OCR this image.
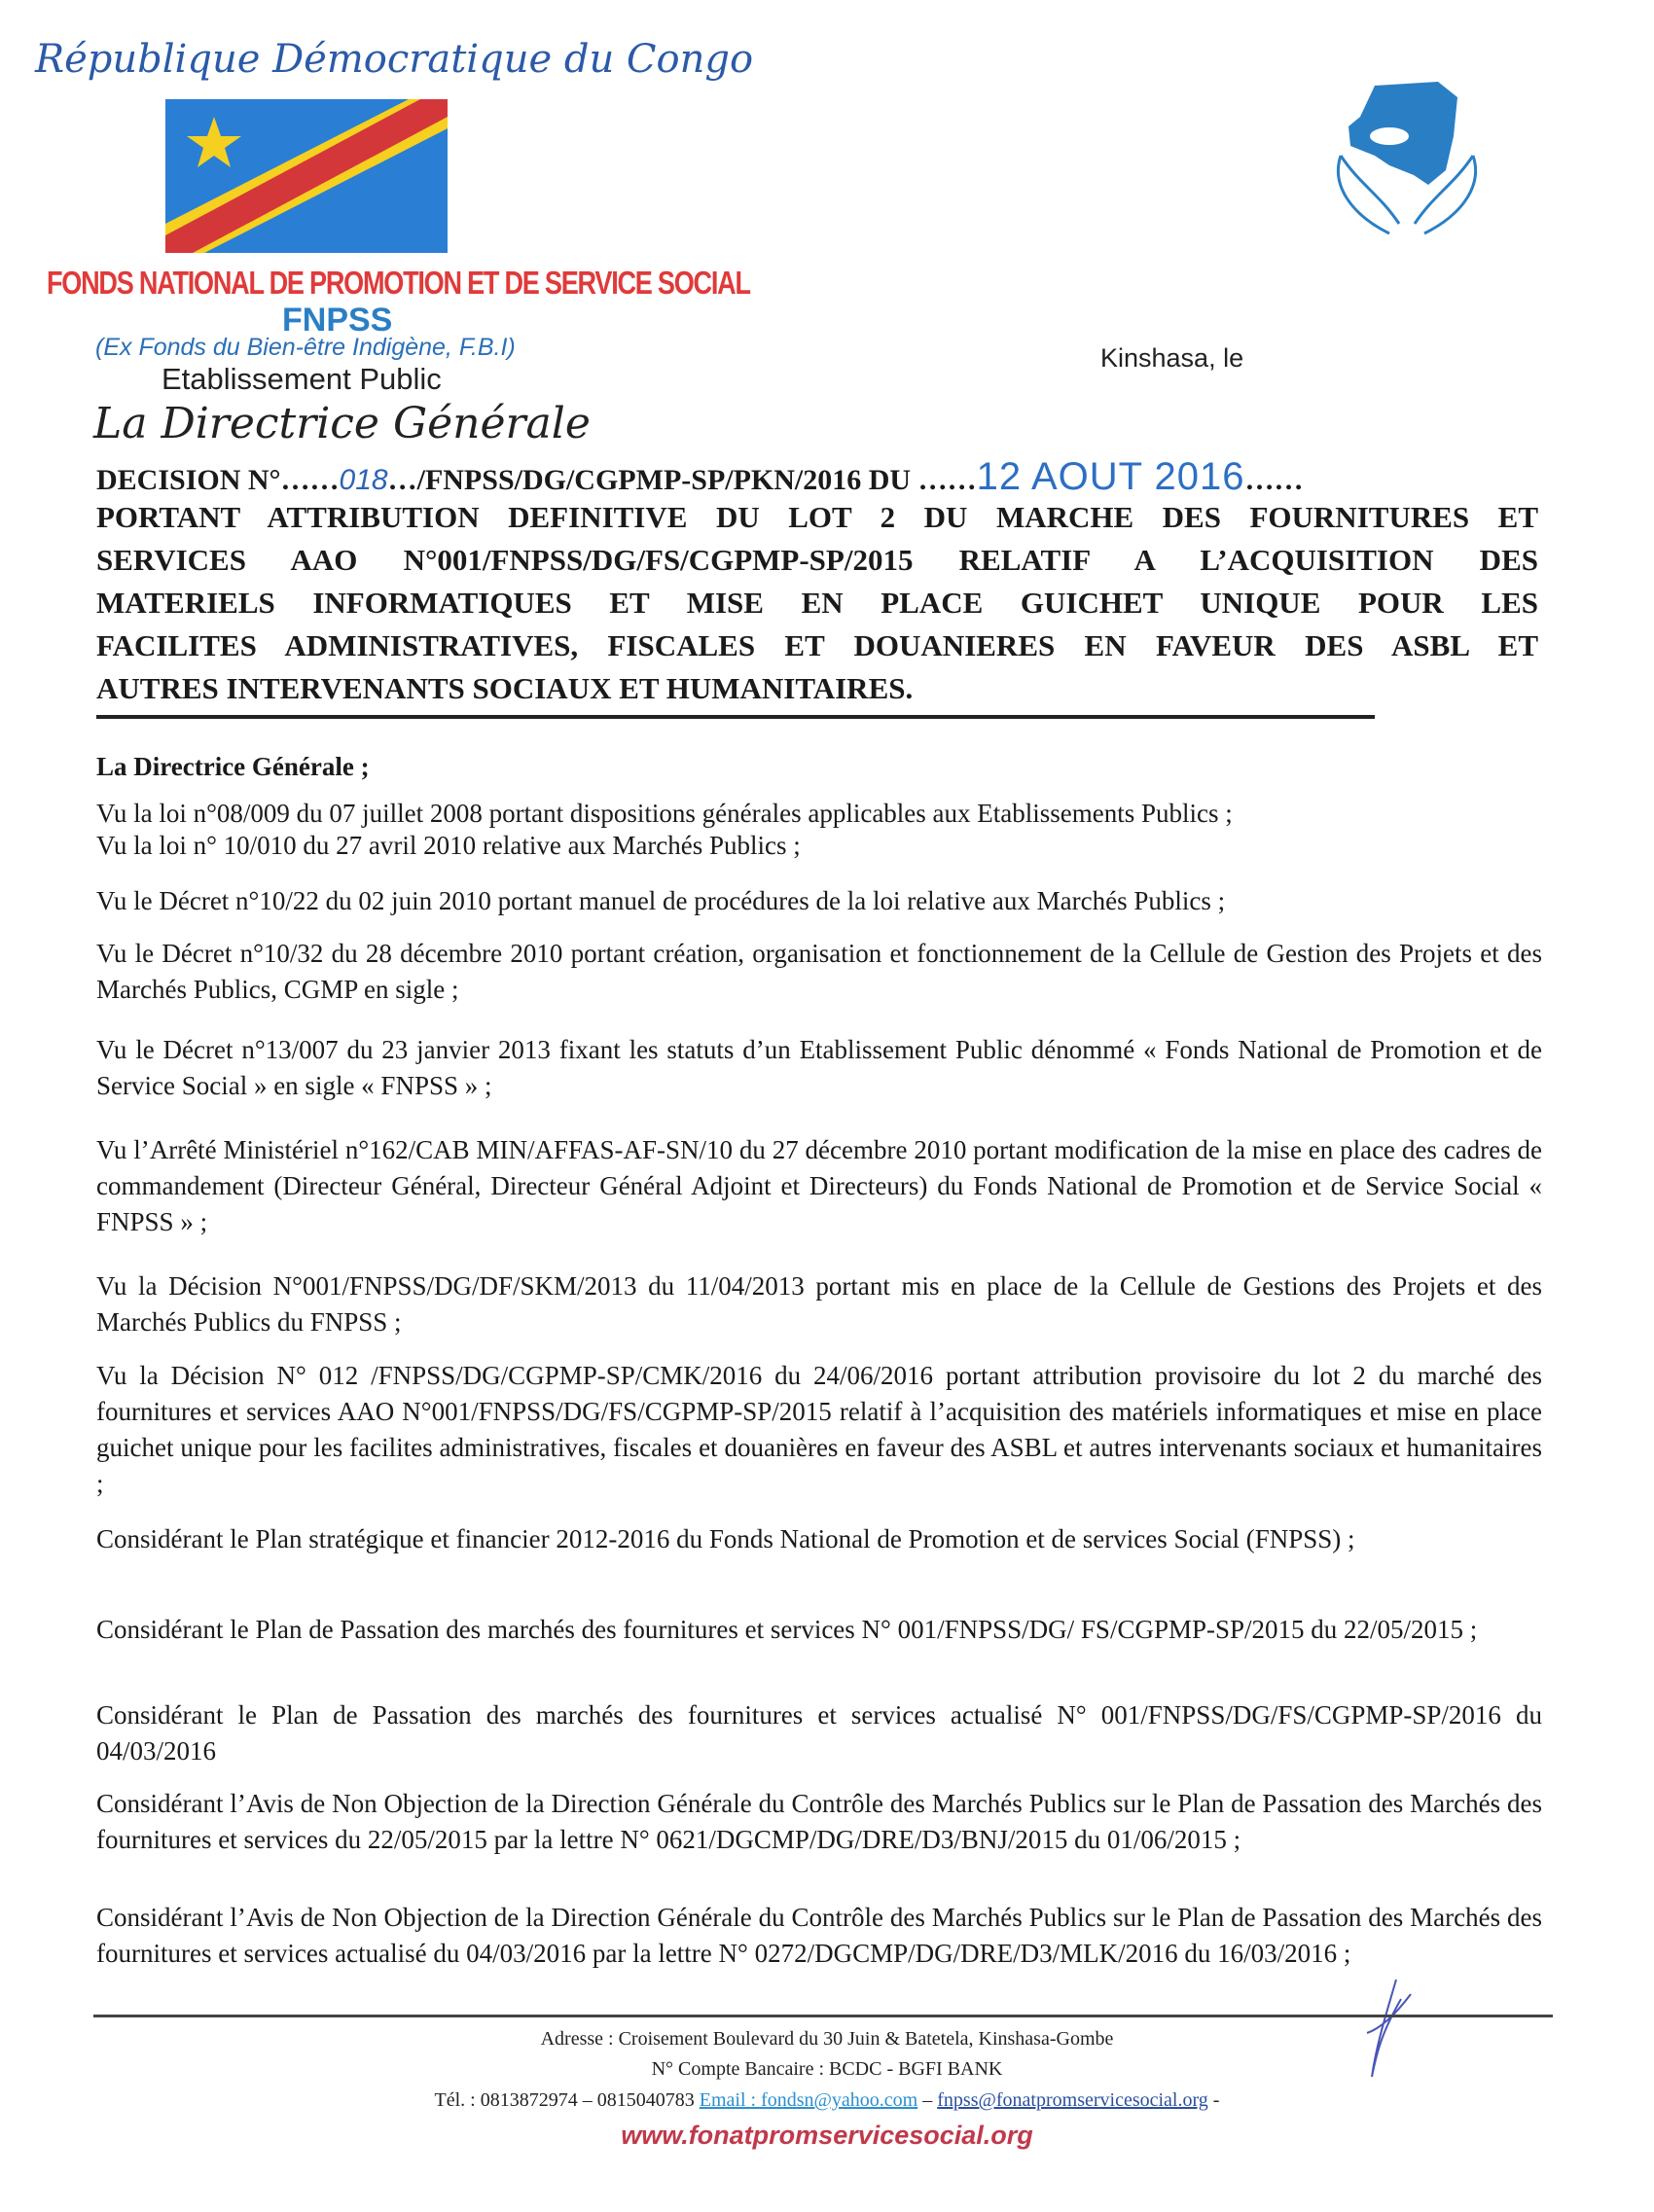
République Démocratique du Congo
FONDS NATIONAL DE PROMOTION ET DE SERVICE SOCIAL
FNPSS
(Ex Fonds du Bien-être Indigène, F.B.I)
Etablissement Public
Kinshasa, le
La Directrice Générale
DECISION N°……018…/FNPSS/DG/CGPMP-SP/PKN/2016 DU ……12 AOUT 2016……
PORTANT ATTRIBUTION DEFINITIVE DU LOT 2 DU MARCHE DES FOURNITURES ET
SERVICES AAO N°001/FNPSS/DG/FS/CGPMP-SP/2015 RELATIF A L’ACQUISITION DES
MATERIELS INFORMATIQUES ET MISE EN PLACE GUICHET UNIQUE POUR LES
FACILITES ADMINISTRATIVES, FISCALES ET DOUANIERES EN FAVEUR DES ASBL ET
AUTRES INTERVENANTS SOCIAUX ET HUMANITAIRES.
La Directrice Générale ;
Vu la loi n°08/009 du 07 juillet 2008 portant dispositions générales applicables aux Etablissements Publics ;
Vu la loi n° 10/010 du 27 avril 2010 relative aux Marchés Publics ;
Vu le Décret n°10/22 du 02 juin 2010 portant manuel de procédures de la loi relative aux Marchés Publics ;
Vu le Décret n°10/32 du 28 décembre 2010 portant création, organisation et fonctionnement de la Cellule de Gestion des Projets et des Marchés Publics, CGMP en sigle ;
Vu le Décret n°13/007 du 23 janvier 2013 fixant les statuts d’un Etablissement Public dénommé « Fonds National de Promotion et de Service Social » en sigle « FNPSS » ;
Vu l’Arrêté Ministériel n°162/CAB MIN/AFFAS-AF-SN/10 du 27 décembre 2010 portant modification de la mise en place des cadres de commandement (Directeur Général, Directeur Général Adjoint et Directeurs) du Fonds National de Promotion et de Service Social « FNPSS » ;
Vu la Décision N°001/FNPSS/DG/DF/SKM/2013 du 11/04/2013 portant mis en place de la Cellule de Gestions des Projets et des Marchés Publics du FNPSS ;
Vu la Décision N° 012 /FNPSS/DG/CGPMP-SP/CMK/2016 du 24/06/2016 portant attribution provisoire du lot 2 du marché des fournitures et services AAO N°001/FNPSS/DG/FS/CGPMP-SP/2015 relatif à l’acquisition des matériels informatiques et mise en place guichet unique pour les facilites administratives, fiscales et douanières en faveur des ASBL et autres intervenants sociaux et humanitaires ;
Considérant le Plan stratégique et financier 2012-2016 du Fonds National de Promotion et de services Social (FNPSS) ;
Considérant le Plan de Passation des marchés des fournitures et services N° 001/FNPSS/DG/ FS/CGPMP-SP/2015 du 22/05/2015 ;
Considérant le Plan de Passation des marchés des fournitures et services actualisé N° 001/FNPSS/DG/FS/CGPMP-SP/2016 du 04/03/2016
Considérant l’Avis de Non Objection de la Direction Générale du Contrôle des Marchés Publics sur le Plan de Passation des Marchés des fournitures et services du 22/05/2015 par la lettre N° 0621/DGCMP/DG/DRE/D3/BNJ/2015 du 01/06/2015 ;
Considérant l’Avis de Non Objection de la Direction Générale du Contrôle des Marchés Publics sur le Plan de Passation des Marchés des fournitures et services actualisé du 04/03/2016 par la lettre N° 0272/DGCMP/DG/DRE/D3/MLK/2016 du 16/03/2016 ;
Adresse : Croisement Boulevard du 30 Juin & Batetela, Kinshasa-Gombe
N° Compte Bancaire : BCDC - BGFI BANK
Tél. : 0813872974 – 0815040783 Email : fondsn@yahoo.com – fnpss@fonatpromservicesocial.org -
www.fonatpromservicesocial.org
